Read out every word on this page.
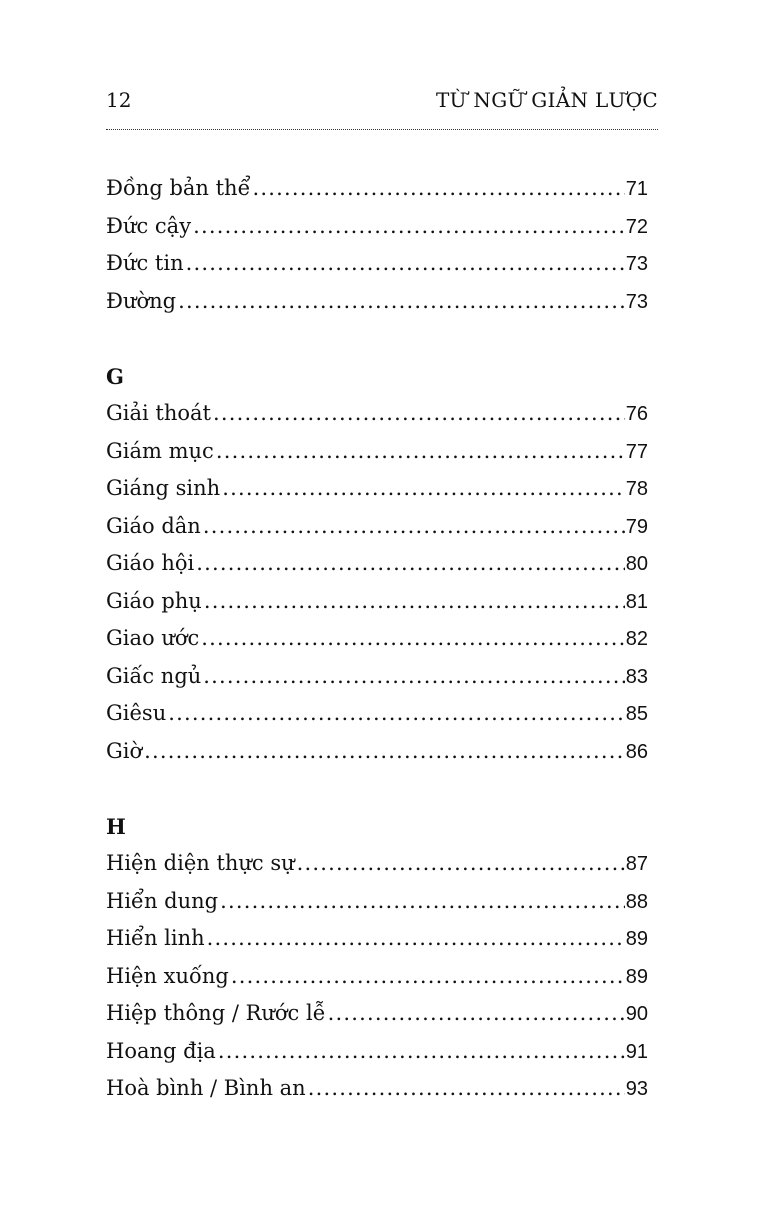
12	TỪ NGỮ GIẢN LƯỢC
Đồng bản thể .....	71
Đức cậy .....	72
Đức tin .....	73
Đường .....	73
G
Giải thoát .....	76
Giám mục .....	77
Giáng sinh .....	78
Giáo dân .....	79
Giáo hội .....	80
Giáo phụ .....	81
Giao ước .....	82
Giấc ngủ .....	83
Giêsu .....	85
Giờ .....	86
H
Hiện diện thực sự .....	87
Hiển dung .....	88
Hiển linh .....	89
Hiện xuống .....	89
Hiệp thông / Rước lễ .....	90
Hoang địa .....	91
Hoà bình / Bình an .....	93
